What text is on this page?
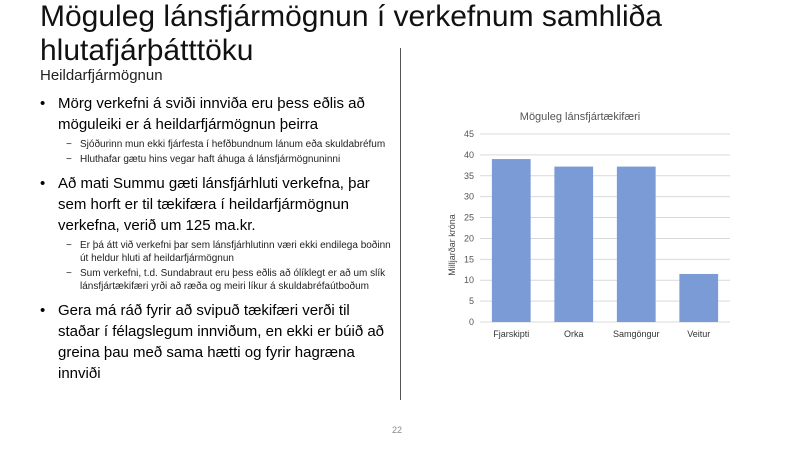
Möguleg lánsfjármögnun í verkefnum samhliða hlutafjárþátttöku
Heildarfjármögnun
• Mörg verkefni á sviði innviða eru þess eðlis að möguleiki er á heildarfjármögnun þeirra
− Sjóðurinn mun ekki fjárfesta í hefðbundnum lánum eða skuldabréfum
− Hluthafar gætu hins vegar haft áhuga á lánsfjármögnuninni
• Að mati Summu gæti lánsfjárhluti verkefna, þar sem horft er til tækifæra í heildarfjármögnun verkefna, verið um 125 ma.kr.
− Er þá átt við verkefni þar sem lánsfjárhlutinn væri ekki endilega boðinn út heldur hluti af heildarfjármögnun
− Sum verkefni, t.d. Sundabraut eru þess eðlis að ólíklegt er að um slík lánsfjártækifæri yrði að ræða og meiri líkur á skuldabréfaútboðum
• Gera má ráð fyrir að svipuð tækifæri verði til staðar í félagslegum innviðum, en ekki er búið að greina þau með sama hætti og fyrir hagræna innviði
Möguleg lánsfjártækifæri
Milljarðar króna
0
5
10
15
20
25
30
35
40
45
Fjarskipti	Orka	Samgöngur	Veitur
22
